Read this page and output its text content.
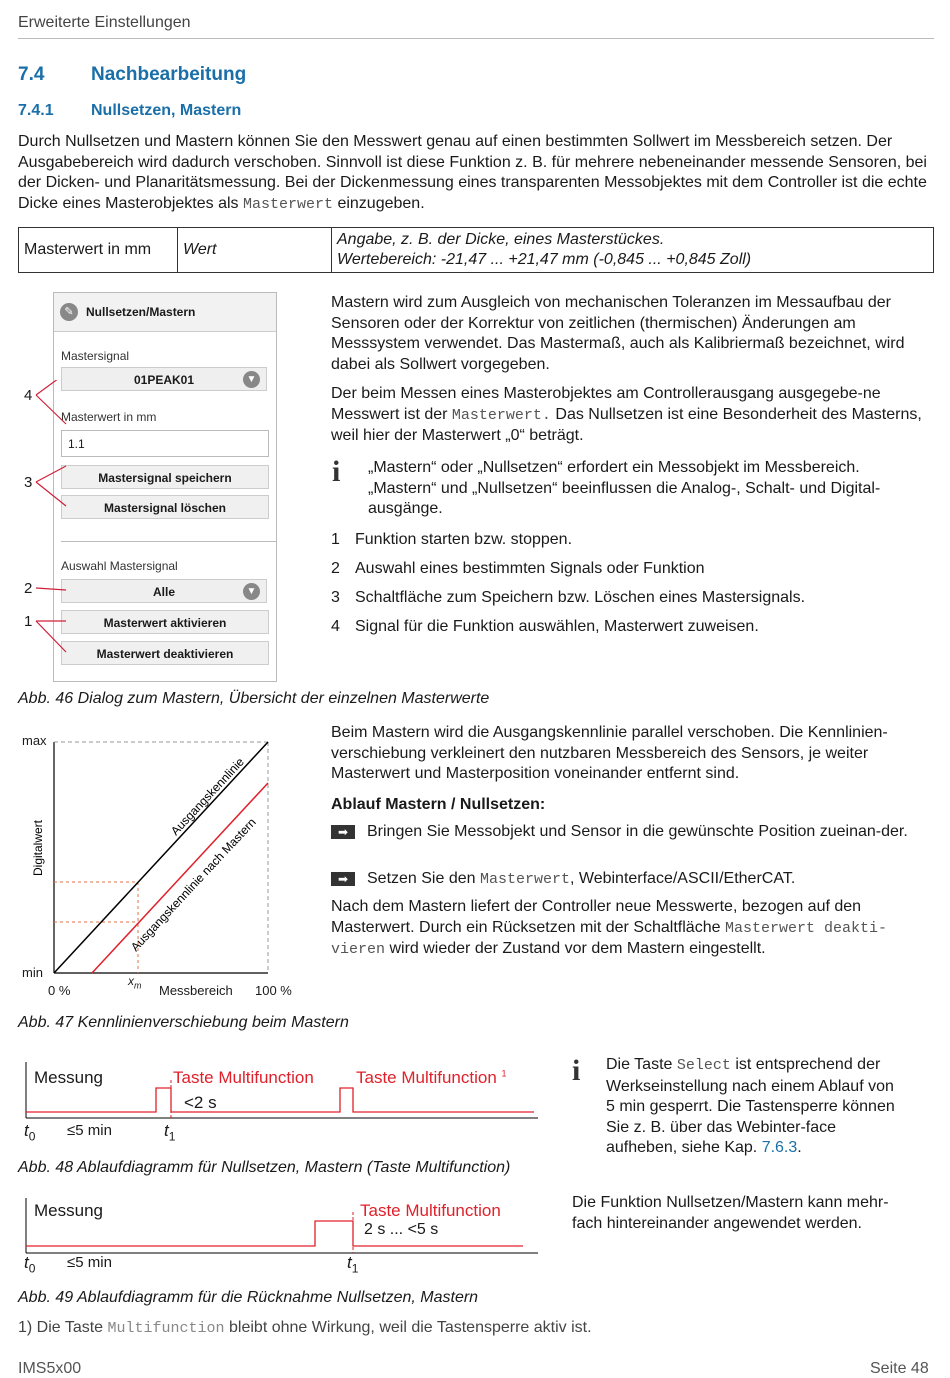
Erweiterte Einstellungen
7.4 Nachbearbeitung
7.4.1 Nullsetzen, Mastern
Durch Nullsetzen und Mastern können Sie den Messwert genau auf einen bestimmten Sollwert im Messbereich setzen. Der Ausgabebereich wird dadurch verschoben. Sinnvoll ist diese Funktion z. B. für mehrere nebeneinander messende Sensoren, bei der Dicken- und Planaritätsmessung. Bei der Dickenmessung eines transparenten Messobjektes mit dem Controller ist die echte Dicke eines Masterobjektes als Masterwert einzugeben.
Masterwert in mm	Wert	
Angabe, z. B. der Dicke, eines Masterstückes.
Wertebereich: -21,47 ... +21,47 mm (-0,845 ... +0,845 Zoll)
✎	Nullsetzen/Mastern
Mastersignal
01PEAK01	▼
Masterwert in mm
1.1
Mastersignal speichern
Mastersignal löschen
Auswahl Mastersignal
Alle	▼
Masterwert aktivieren
Masterwert deaktivieren
4
3
2
1
Mastern wird zum Ausgleich von mechanischen Toleranzen im Messaufbau der Sensoren oder der Korrektur von zeitlichen (thermischen) Änderungen am Messsystem verwendet. Das Mastermaß, auch als Kalibriermaß bezeichnet, wird dabei als Sollwert vorgegeben.
Der beim Messen eines Masterobjektes am Controllerausgang ausgegebe-ne Messwert ist der Masterwert. Das Nullsetzen ist eine Besonderheit des Masterns, weil hier der Masterwert „0“ beträgt.
i „Mastern“ oder „Nullsetzen“ erfordert ein Messobjekt im Messbereich.
„Mastern“ und „Nullsetzen“ beeinflussen die Analog-, Schalt- und Digital-ausgänge.
1 Funktion starten bzw. stoppen.
2 Auswahl eines bestimmten Signals oder Funktion
3 Schaltfläche zum Speichern bzw. Löschen eines Mastersignals.
4 Signal für die Funktion auswählen, Masterwert zuweisen.
Abb. 46 Dialog zum Mastern, Übersicht der einzelnen Masterwerte
Ausgangskennlinie
Ausgangskennlinie nach Mastern
Digitalwert
max
min
0 %
$x_m$ Messbereich 100 %
Beim Mastern wird die Ausgangskennlinie parallel verschoben. Die Kennlinien-verschiebung verkleinert den nutzbaren Messbereich des Sensors, je weiter Masterwert und Masterposition voneinander entfernt sind.
Ablauf Mastern / Nullsetzen:
➡ Bringen Sie Messobjekt und Sensor in die gewünschte Position zueinan-der.
➡ Setzen Sie den Masterwert, Webinterface/ASCII/EtherCAT.
Nach dem Mastern liefert der Controller neue Messwerte, bezogen auf den Masterwert. Durch ein Rücksetzen mit der Schaltfläche Masterwert deakti-vieren wird wieder der Zustand vor dem Mastern eingestellt.
Abb. 47 Kennlinienverschiebung beim Mastern
Messung	Taste Multifunction Taste Multifunction $^1$
<2 s
$t_0 \le 5$ min	$t_1$
i Die Taste Select ist entsprechend der Werkseinstellung nach einem Ablauf von 5 min gesperrt. Die Tastensperre können Sie z. B. über das Webinter-face aufheben, siehe Kap. 7.6.3.
Abb. 48 Ablaufdiagramm für Nullsetzen, Mastern (Taste Multifunction)
Messung	Taste Multifunction
2 s ... <5 s
$t_0 \le 5$ min	$t_1$
Die Funktion Nullsetzen/Mastern kann mehr-fach hintereinander angewendet werden.
Abb. 49 Ablaufdiagramm für die Rücknahme Nullsetzen, Mastern
1) Die Taste Multifunction bleibt ohne Wirkung, weil die Tastensperre aktiv ist.
IMS5x00	Seite 48
